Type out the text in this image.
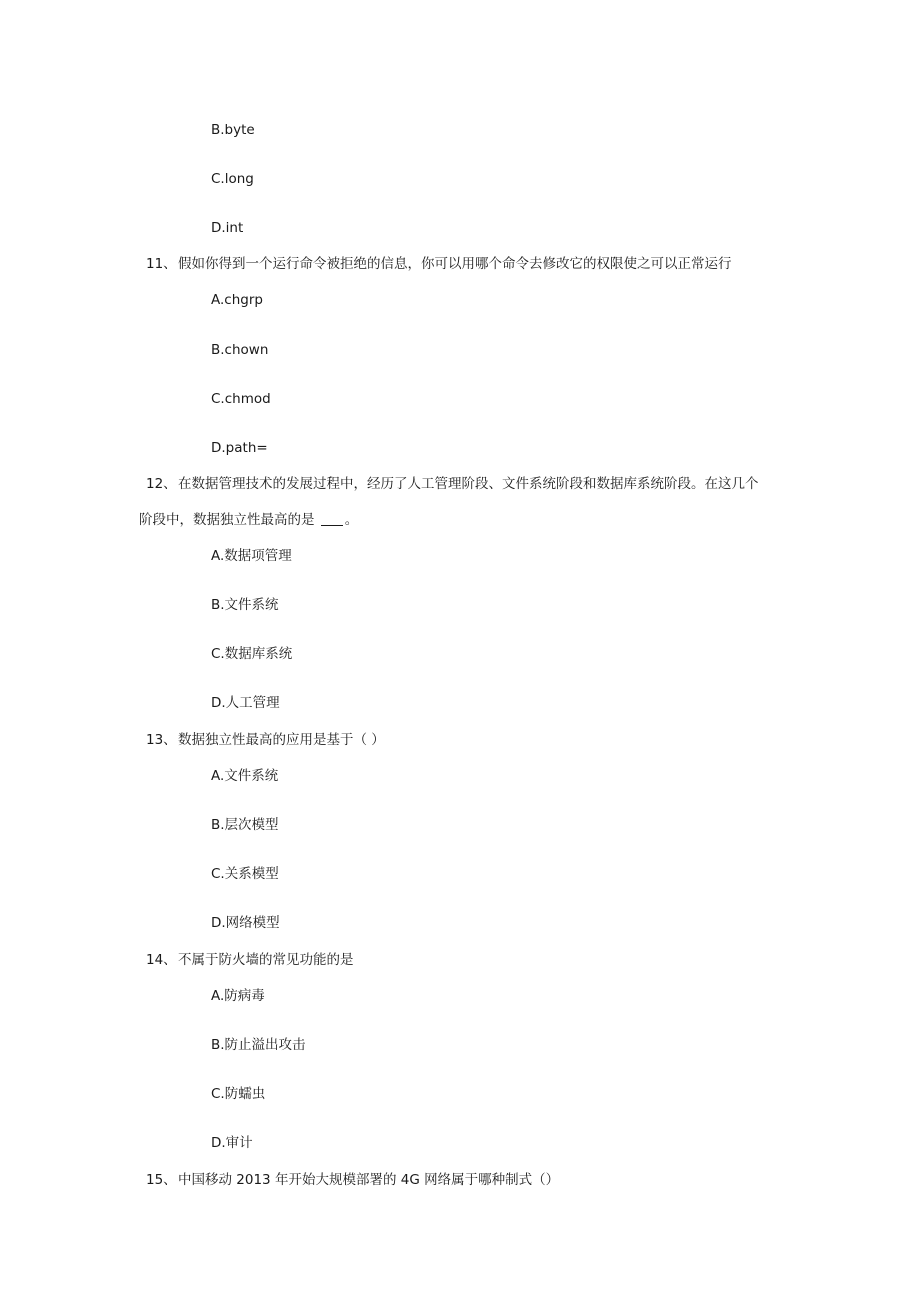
B.byte
C.long
D.int
11、 假如你得到一个运行命令被拒绝的信息，你可以用哪个命令去修改它的权限使之可以正常运行
A.chgrp
B.chown
C.chmod
D.path=
12、 在数据管理技术的发展过程中，经历了人工管理阶段、文件系统阶段和数据库系统阶段。在这几个
阶段中，数据独立性最高的是 。
A.数据项管理
B.文件系统
C.数据库系统
D.人工管理
13、 数据独立性最高的应用是基于（ ）
A.文件系统
B.层次模型
C.关系模型
D.网络模型
14、 不属于防火墙的常见功能的是
A.防病毒
B.防止溢出攻击
C.防蠕虫
D.审计
15、 中国移动 2013 年开始大规模部署的 4G 网络属于哪种制式（）
